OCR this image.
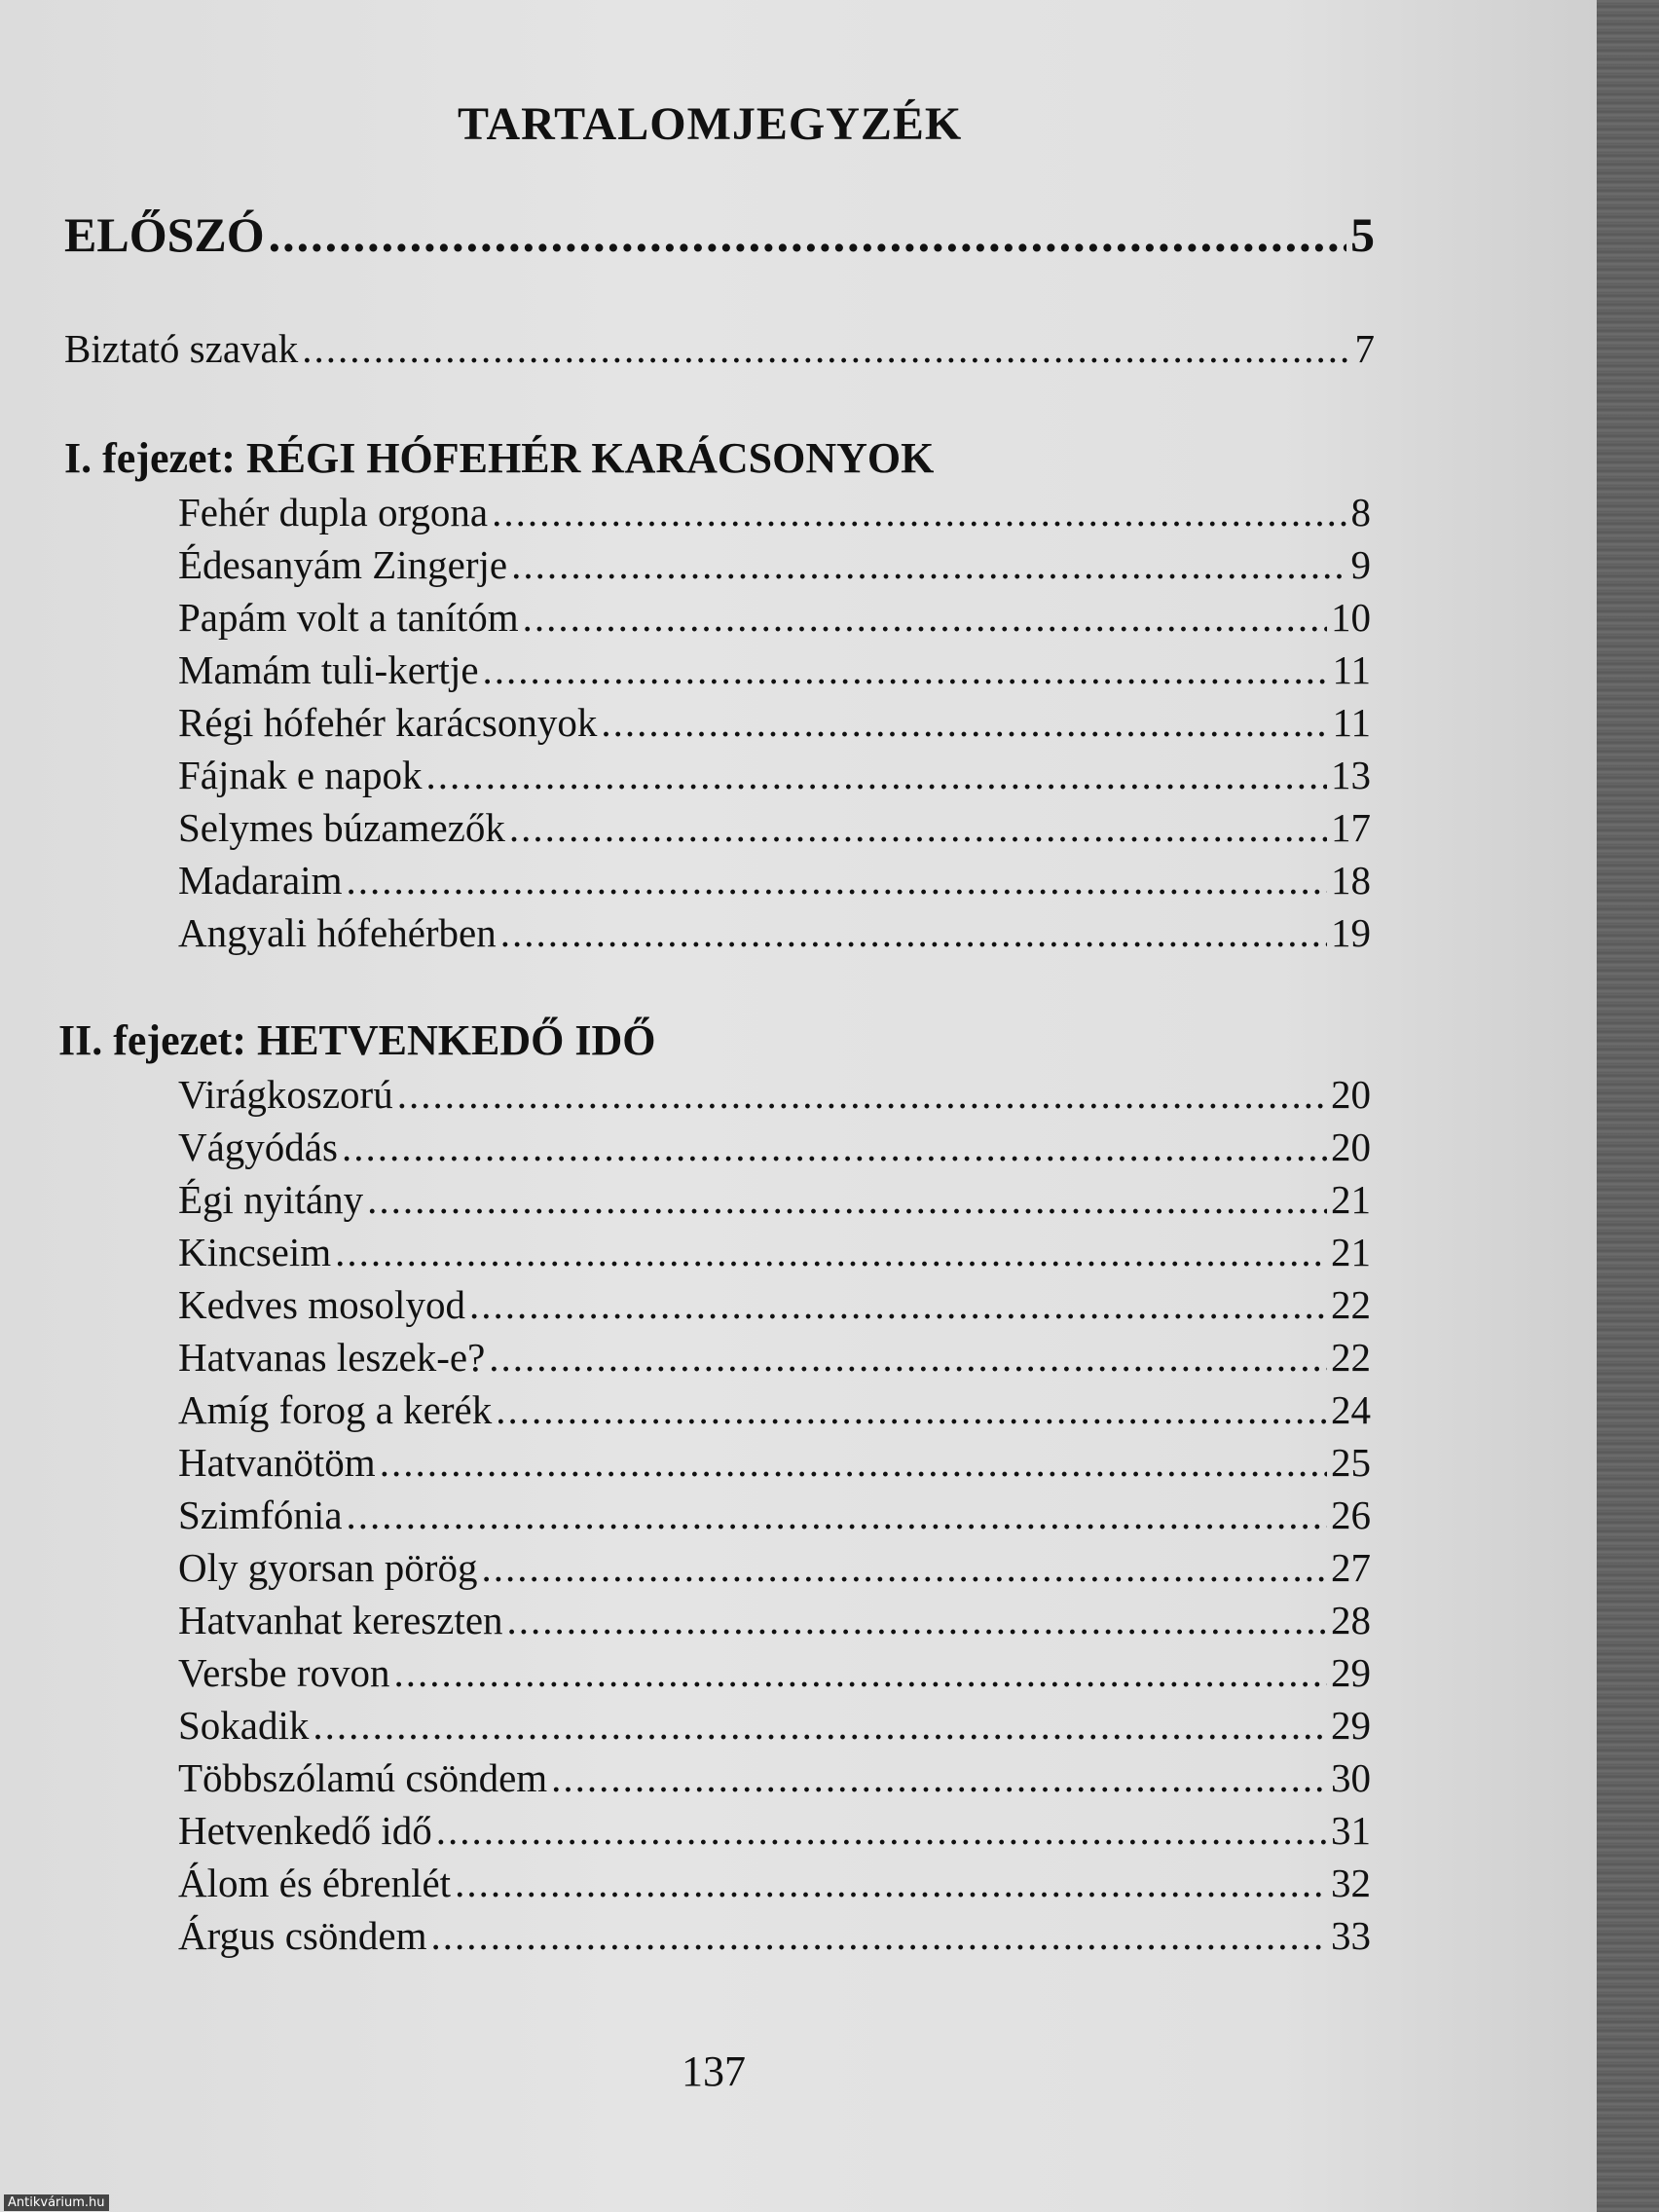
TARTALOMJEGYZÉK
ELŐSZÓ .....	5
Biztató szavak .....	7
I. fejezet: RÉGI HÓFEHÉR KARÁCSONYOK
Fehér dupla orgona .....	8
Édesanyám Zingerje .....	9
Papám volt a tanítóm .....	10
Mamám tuli-kertje .....	11
Régi hófehér karácsonyok .....	11
Fájnak e napok .....	13
Selymes búzamezők .....	17
Madaraim .....	18
Angyali hófehérben .....	19
II. fejezet: HETVENKEDŐ IDŐ
Virágkoszorú .....	20
Vágyódás .....	20
Égi nyitány .....	21
Kincseim .....	21
Kedves mosolyod .....	22
Hatvanas leszek-e? .....	22
Amíg forog a kerék .....	24
Hatvanötöm .....	25
Szimfónia .....	26
Oly gyorsan pörög .....	27
Hatvanhat kereszten .....	28
Versbe rovon .....	29
Sokadik .....	29
Többszólamú csöndem .....	30
Hetvenkedő idő .....	31
Álom és ébrenlét .....	32
Árgus csöndem .....	33
137
Antikvárium.hu
